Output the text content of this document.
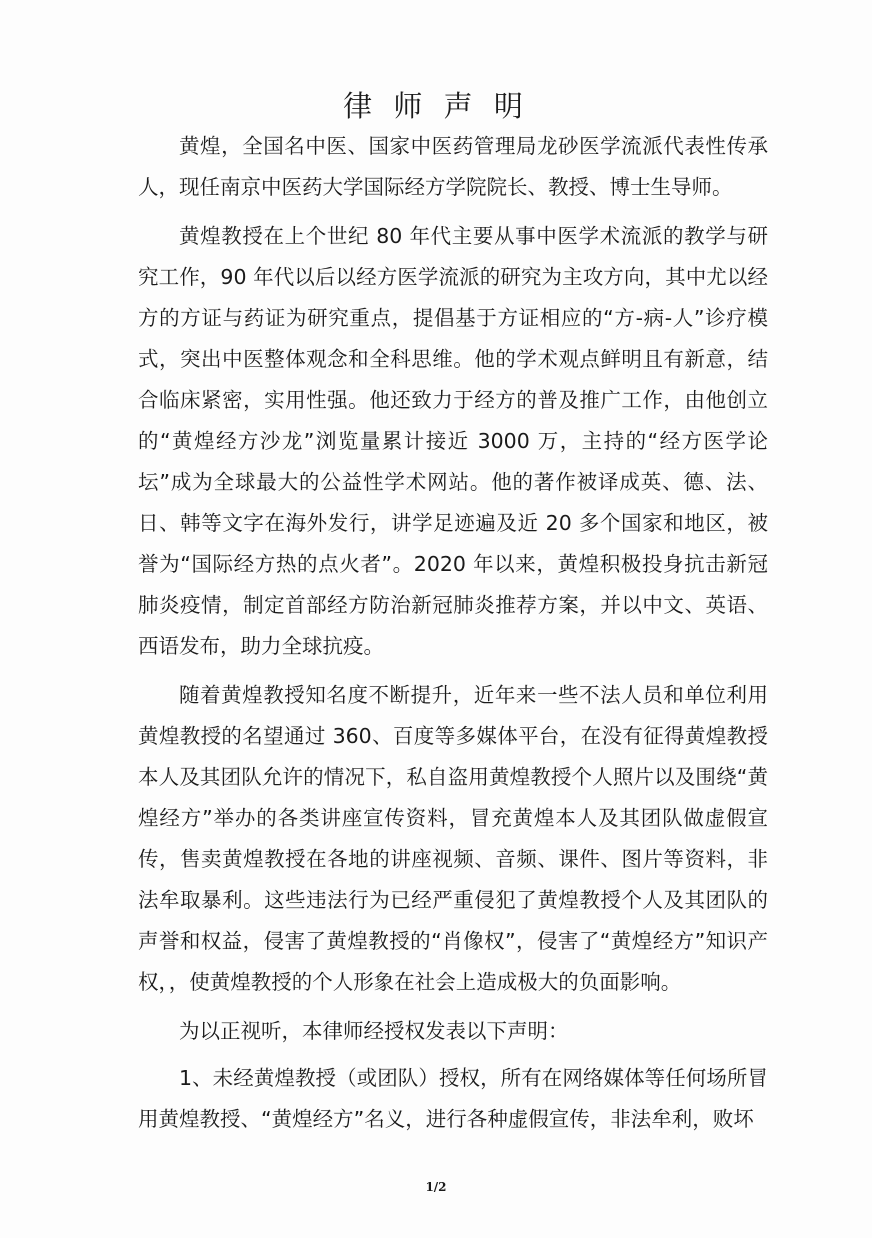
律 师 声 明

黄煌，全国名中医、国家中医药管理局龙砂医学流派代表性传承人，现任南京中医药大学国际经方学院院长、教授、博士生导师。

黄煌教授在上个世纪 80 年代主要从事中医学术流派的教学与研究工作，90 年代以后以经方医学流派的研究为主攻方向，其中尤以经方的方证与药证为研究重点，提倡基于方证相应的“方-病-人”诊疗模式，突出中医整体观念和全科思维。他的学术观点鲜明且有新意，结合临床紧密，实用性强。他还致力于经方的普及推广工作，由他创立的“黄煌经方沙龙”浏览量累计接近 3000 万，主持的“经方医学论坛”成为全球最大的公益性学术网站。他的著作被译成英、德、法、日、韩等文字在海外发行，讲学足迹遍及近 20 多个国家和地区，被誉为“国际经方热的点火者”。2020 年以来，黄煌积极投身抗击新冠肺炎疫情，制定首部经方防治新冠肺炎推荐方案，并以中文、英语、西语发布，助力全球抗疫。

随着黄煌教授知名度不断提升，近年来一些不法人员和单位利用黄煌教授的名望通过 360、百度等多媒体平台，在没有征得黄煌教授本人及其团队允许的情况下，私自盗用黄煌教授个人照片以及围绕“黄煌经方”举办的各类讲座宣传资料，冒充黄煌本人及其团队做虚假宣传，售卖黄煌教授在各地的讲座视频、音频、课件、图片等资料，非法牟取暴利。这些违法行为已经严重侵犯了黄煌教授个人及其团队的声誉和权益，侵害了黄煌教授的“肖像权”，侵害了“黄煌经方”知识产权，，使黄煌教授的个人形象在社会上造成极大的负面影响。

为以正视听，本律师经授权发表以下声明：

1、未经黄煌教授（或团队）授权，所有在网络媒体等任何场所冒用黄煌教授、“黄煌经方”名义，进行各种虚假宣传，非法牟利，败坏

1/2
